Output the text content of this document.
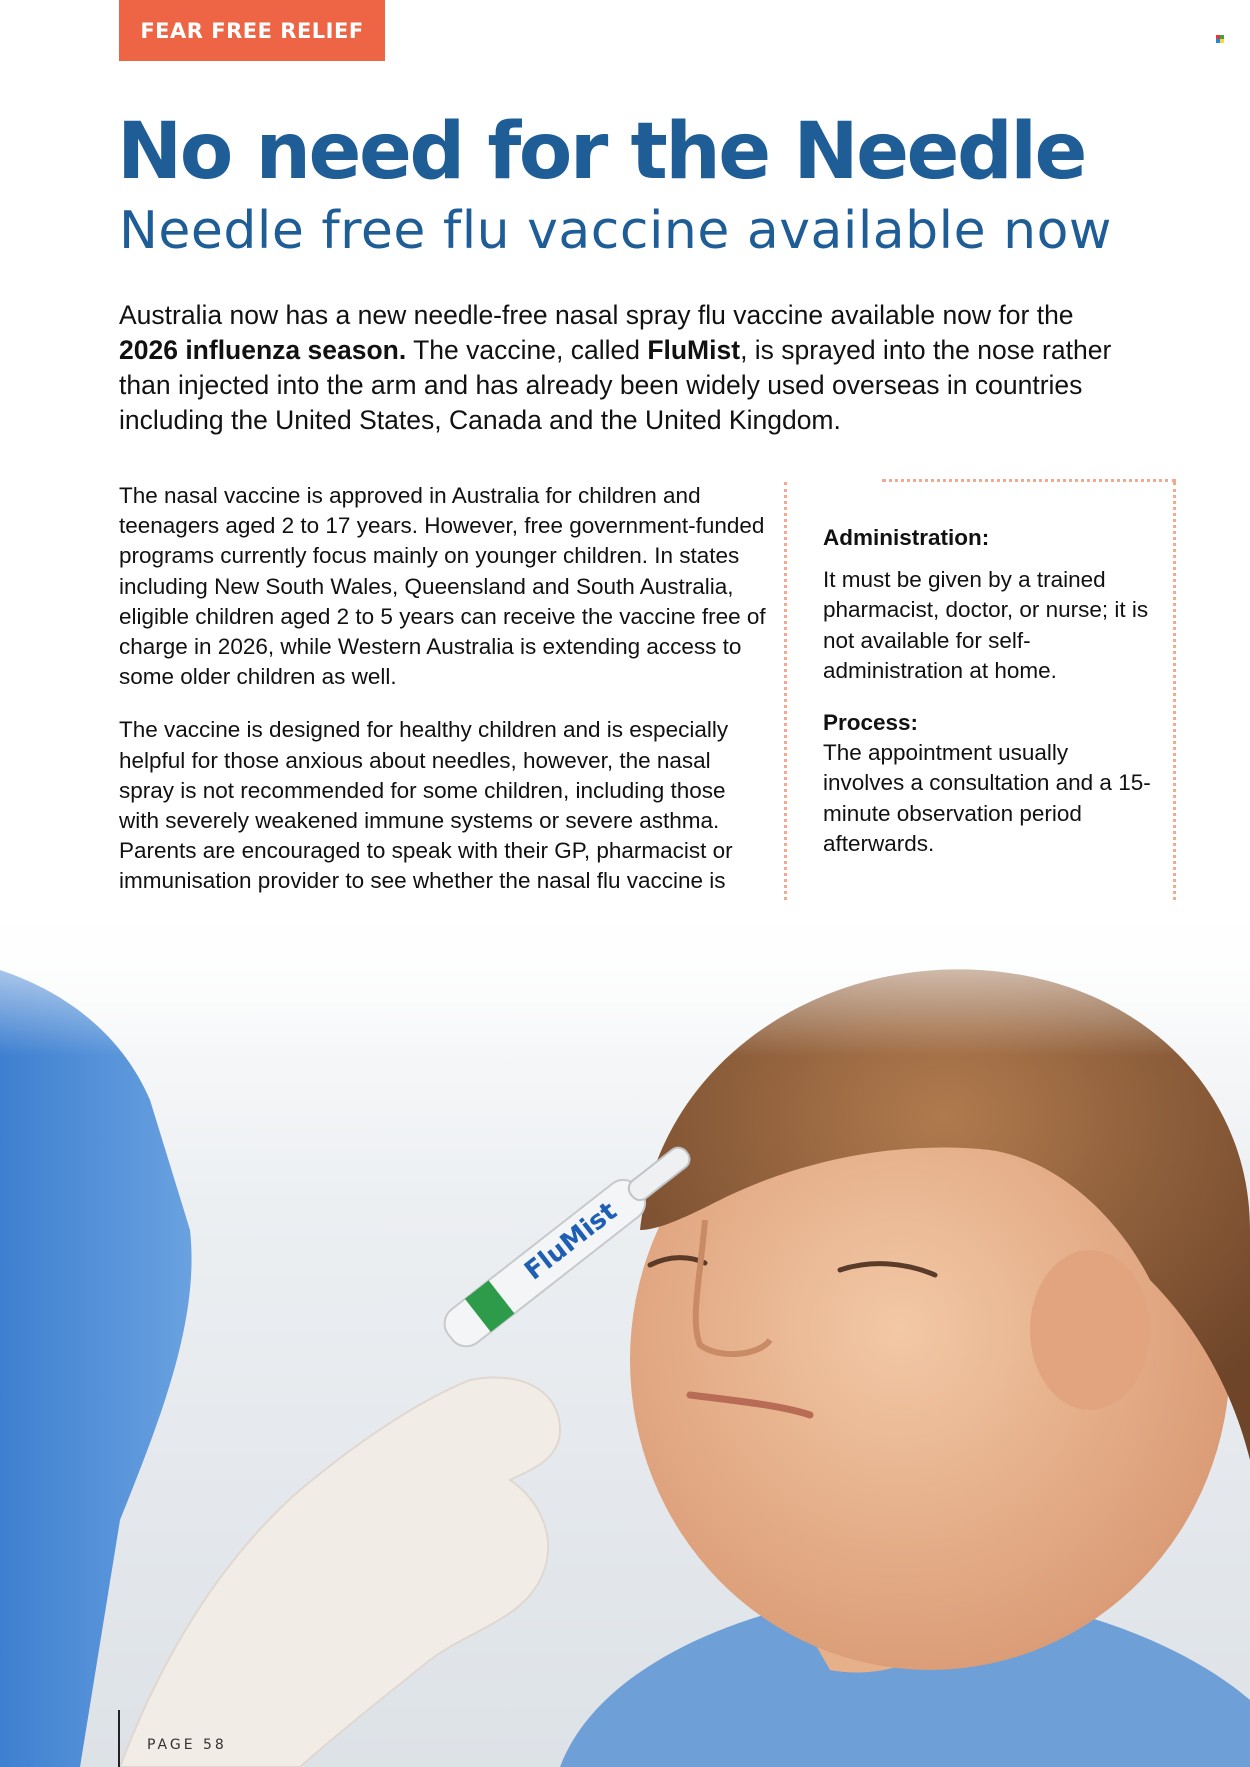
FEAR FREE RELIEF
No need for the Needle
Needle free flu vaccine available now

Australia now has a new needle-free nasal spray flu vaccine available now for the 2026 influenza season. The vaccine, called FluMist, is sprayed into the nose rather than injected into the arm and has already been widely used overseas in countries including the United States, Canada and the United Kingdom.

The nasal vaccine is approved in Australia for children and teenagers aged 2 to 17 years. However, free government-funded programs currently focus mainly on younger children. In states including New South Wales, Queensland and South Australia, eligible children aged 2 to 5 years can receive the vaccine free of charge in 2026, while Western Australia is extending access to some older children as well.

The vaccine is designed for healthy children and is especially helpful for those anxious about needles, however, the nasal spray is not recommended for some children, including those with severely weakened immune systems or severe asthma. Parents are encouraged to speak with their GP, pharmacist or immunisation provider to see whether the nasal flu vaccine is

Administration:

It must be given by a trained pharmacist, doctor, or nurse; it is not available for self-administration at home.

Process:

The appointment usually involves a consultation and a 15-minute observation period afterwards.

PAGE 58
